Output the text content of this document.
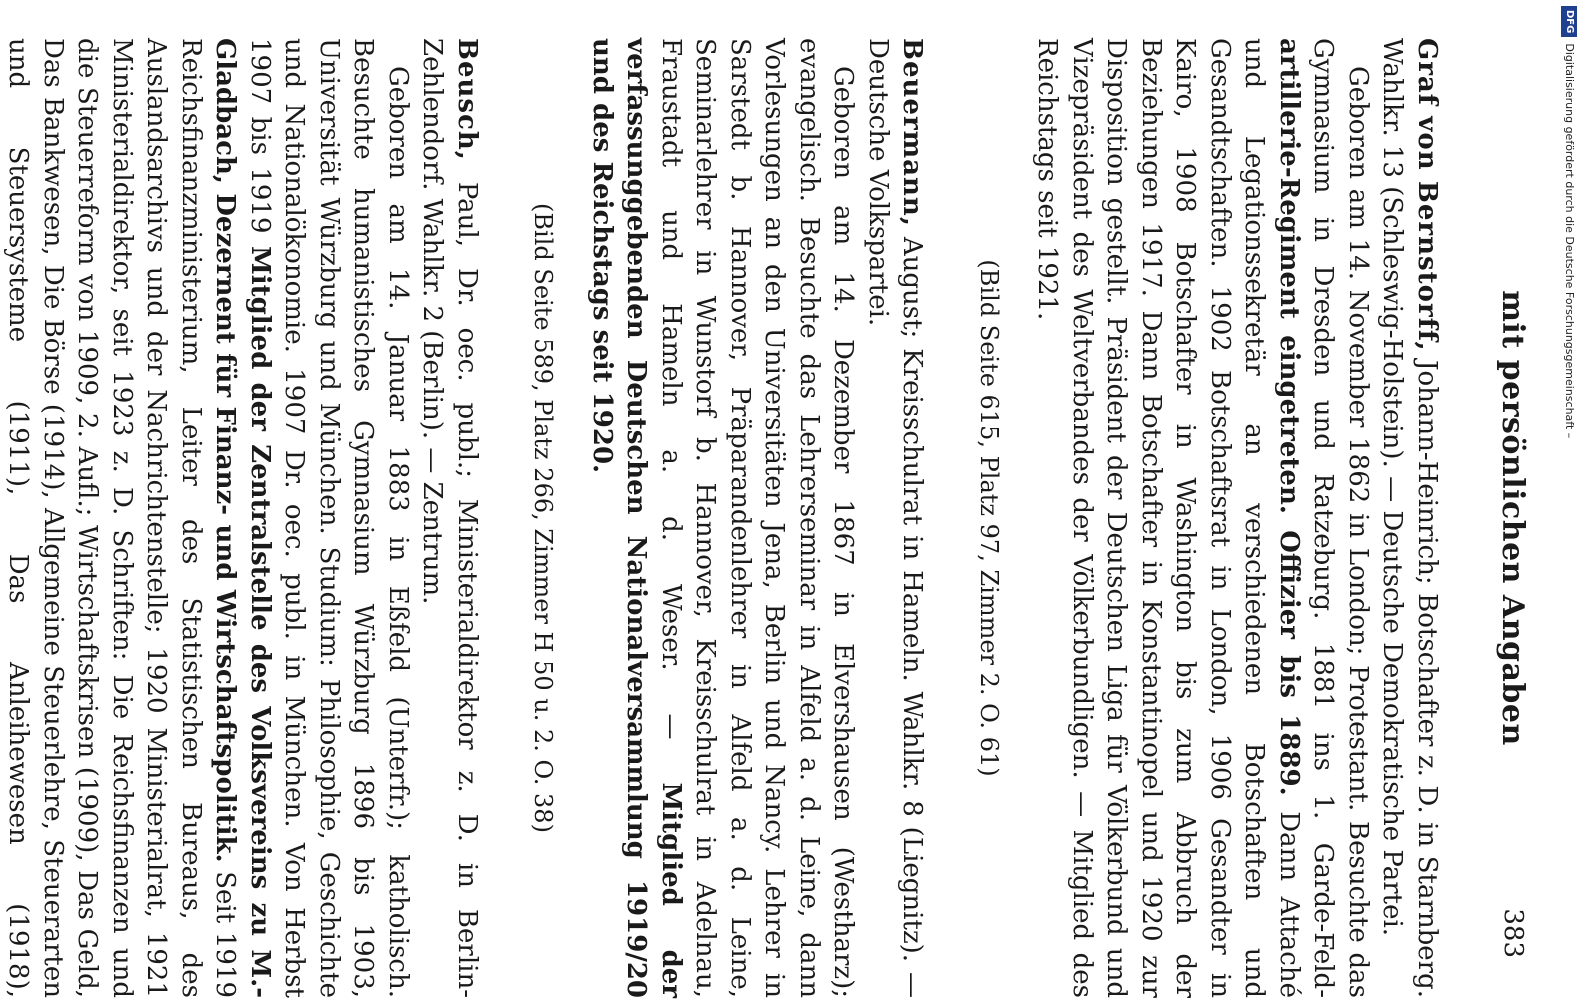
mit persönlichen Angaben
383

Graf von Bernstorff, Johann-Heinrich; Botschafter z. D. in Starnberg. Wahlkr. 13 (Schleswig-Holstein). — Deutsche Demokratische Partei.

Geboren am 14. November 1862 in London; Protestant. Besuchte das Gymnasium in Dresden und Ratzeburg. 1881 ins 1. Garde-Feld-artillerie-Regiment eingetreten. Offizier bis 1889. Dann Attaché und Legationssekretär an verschiedenen Botschaften und Gesandtschaften. 1902 Botschaftsrat in London, 1906 Gesandter in Kairo, 1908 Botschafter in Washington bis zum Abbruch der Beziehungen 1917. Dann Botschafter in Konstantinopel und 1920 zur Disposition gestellt. Präsident der Deutschen Liga für Völkerbund und Vizepräsident des Weltverbandes der Völkerbundligen. — Mitglied des Reichstags seit 1921.

(Bild Seite 615, Platz 97, Zimmer 2. O. 61)

Beuermann, August; Kreisschulrat in Hameln. Wahlkr. 8 (Liegnitz). — Deutsche Volkspartei.

Geboren am 14. Dezember 1867 in Elvershausen (Westharz); evangelisch. Besuchte das Lehrerseminar in Alfeld a. d. Leine, dann Vorlesungen an den Universitäten Jena, Berlin und Nancy. Lehrer in Sarstedt b. Hannover, Präparandenlehrer in Alfeld a. d. Leine, Seminarlehrer in Wunstorf b. Hannover, Kreisschulrat in Adelnau, Fraustadt und Hameln a. d. Weser. — Mitglied der verfassunggebenden Deutschen Nationalversammlung 1919/20 und des Reichstags seit 1920.

(Bild Seite 589, Platz 266, Zimmer H 50 u. 2. O. 38)

Beusch, Paul, Dr. oec. publ.; Ministerialdirektor z. D. in Berlin-Zehlendorf. Wahlkr. 2 (Berlin). — Zentrum.

Geboren am 14. Januar 1883 in Eßfeld (Unterfr.); katholisch. Besuchte humanistisches Gymnasium Würzburg 1896 bis 1903, Universität Würzburg und München. Studium: Philosophie, Geschichte und Nationalökonomie. 1907 Dr. oec. publ. in München. Von Herbst 1907 bis 1919 Mitglied der Zentralstelle des Volksvereins zu M.-Gladbach, Dezernent für Finanz- und Wirtschaftspolitik. Seit 1919 Reichsfinanzministerium, Leiter des Statistischen Bureaus, des Auslandsarchivs und der Nachrichtenstelle; 1920 Ministerialrat, 1921 Ministerialdirektor, seit 1923 z. D. Schriften: Die Reichsfinanzen und die Steuerreform von 1909, 2. Aufl.; Wirtschaftskrisen (1909), Das Geld, Das Bankwesen, Die Börse (1914), Allgemeine Steuerlehre, Steuerarten und Steuersysteme (1911), Das Anleihewesen (1918),

DFGDigitalisierung gefördert durch die Deutsche Forschungsgemeinschaft –
